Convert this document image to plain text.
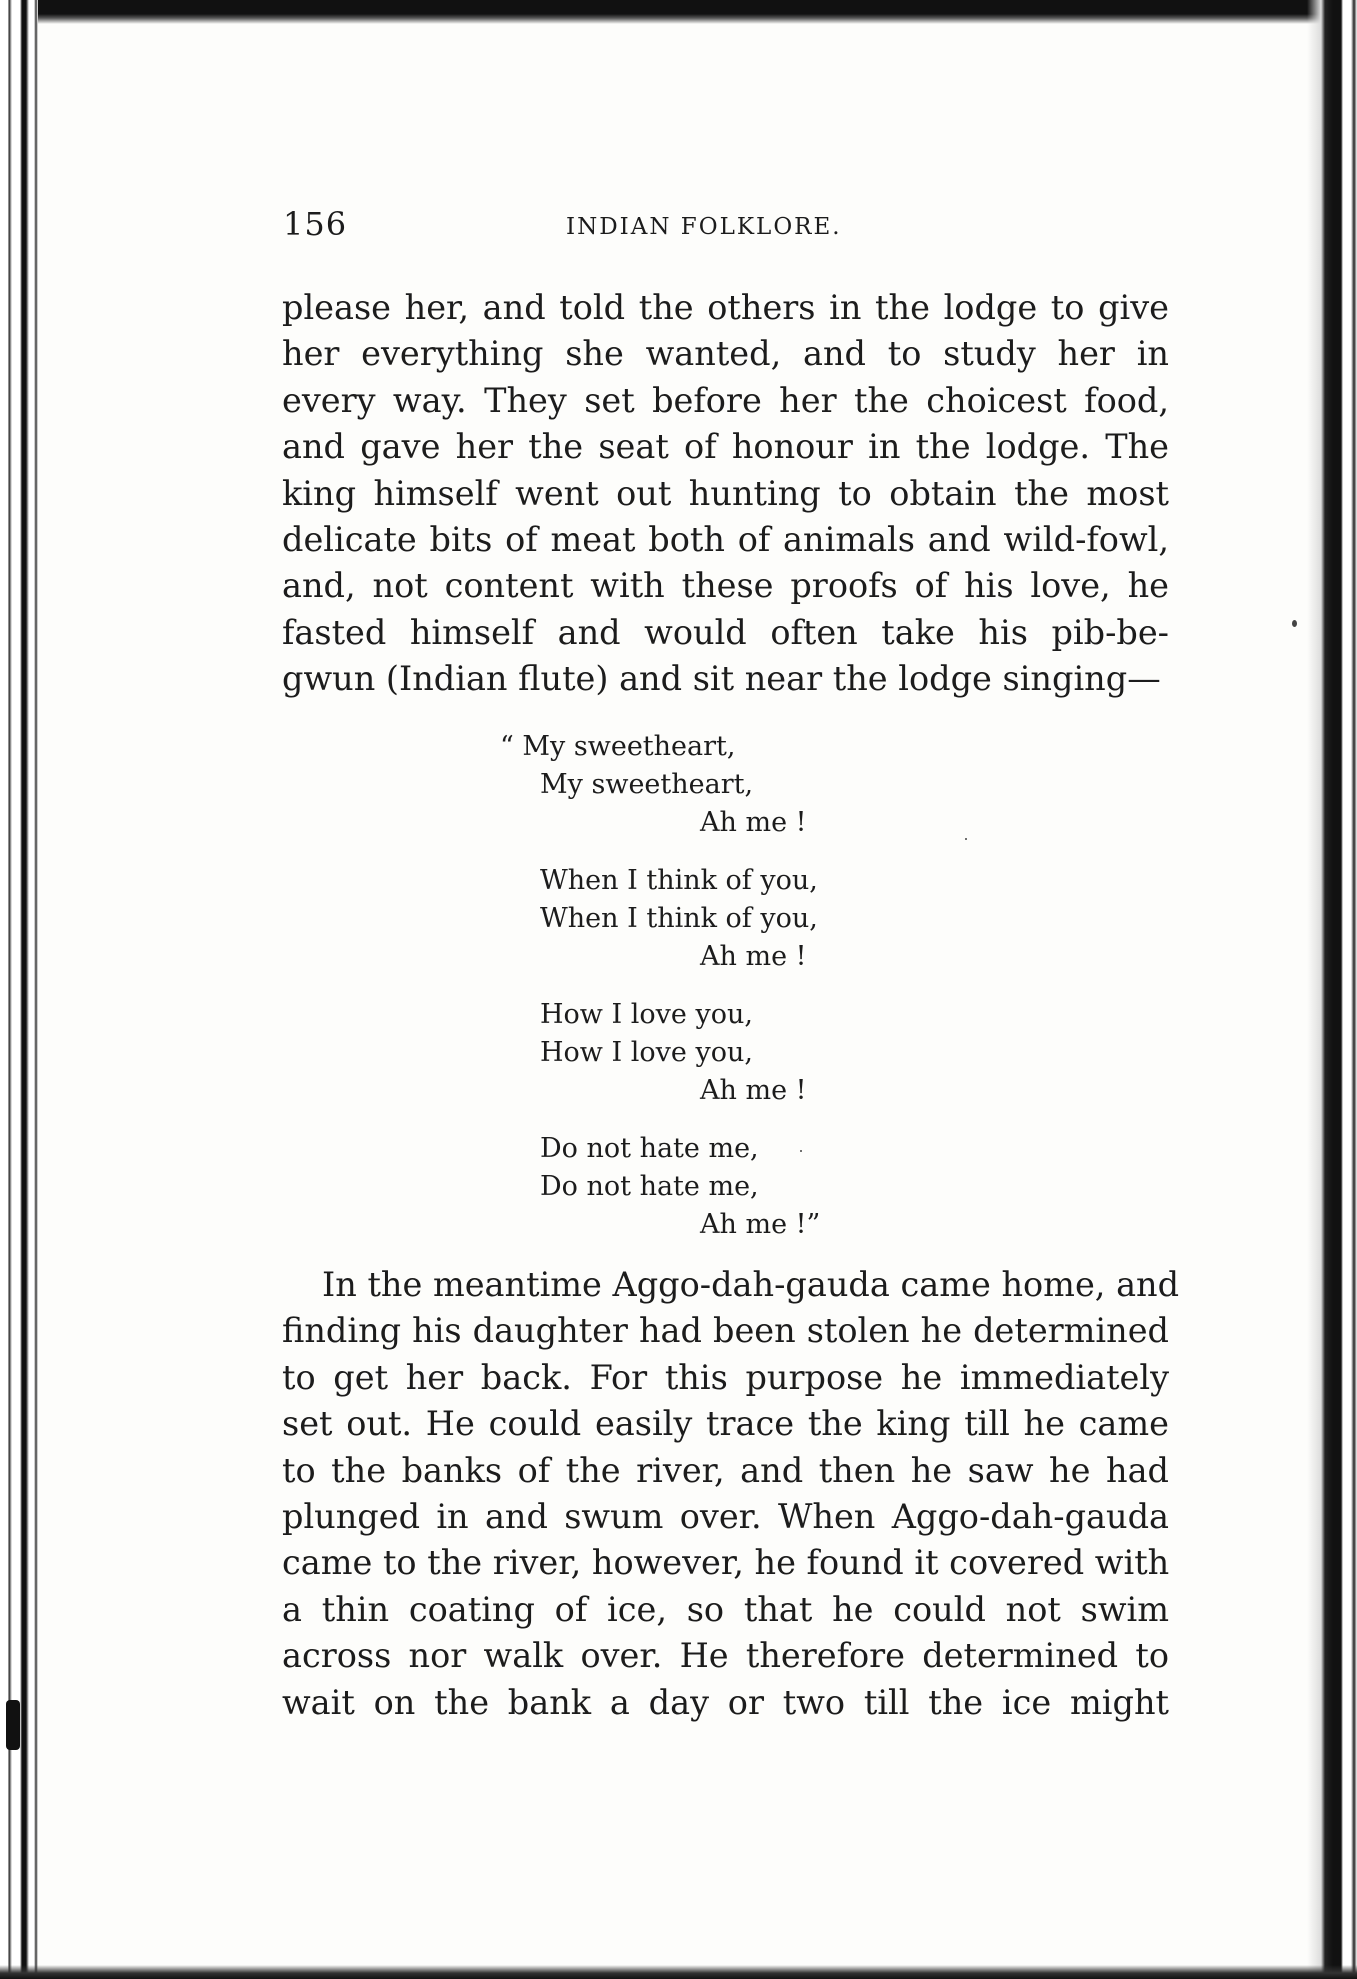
156	INDIAN FOLKLORE.
please her, and told the others in the lodge to give
her everything she wanted, and to study her in
every way. They set before her the choicest food,
and gave her the seat of honour in the lodge. The
king himself went out hunting to obtain the most
delicate bits of meat both of animals and wild-fowl,
and, not content with these proofs of his love, he
fasted himself and would often take his pib-be-
gwun (Indian flute) and sit near the lodge singing—
“ My sweetheart,
My sweetheart,
Ah me !
When I think of you,
When I think of you,
Ah me !
How I love you,
How I love you,
Ah me !
Do not hate me,
Do not hate me,
Ah me !”
In the meantime Aggo-dah-gauda came home, and
finding his daughter had been stolen he determined
to get her back. For this purpose he immediately
set out. He could easily trace the king till he came
to the banks of the river, and then he saw he had
plunged in and swum over. When Aggo-dah-gauda
came to the river, however, he found it covered with
a thin coating of ice, so that he could not swim
across nor walk over. He therefore determined to
wait on the bank a day or two till the ice might
